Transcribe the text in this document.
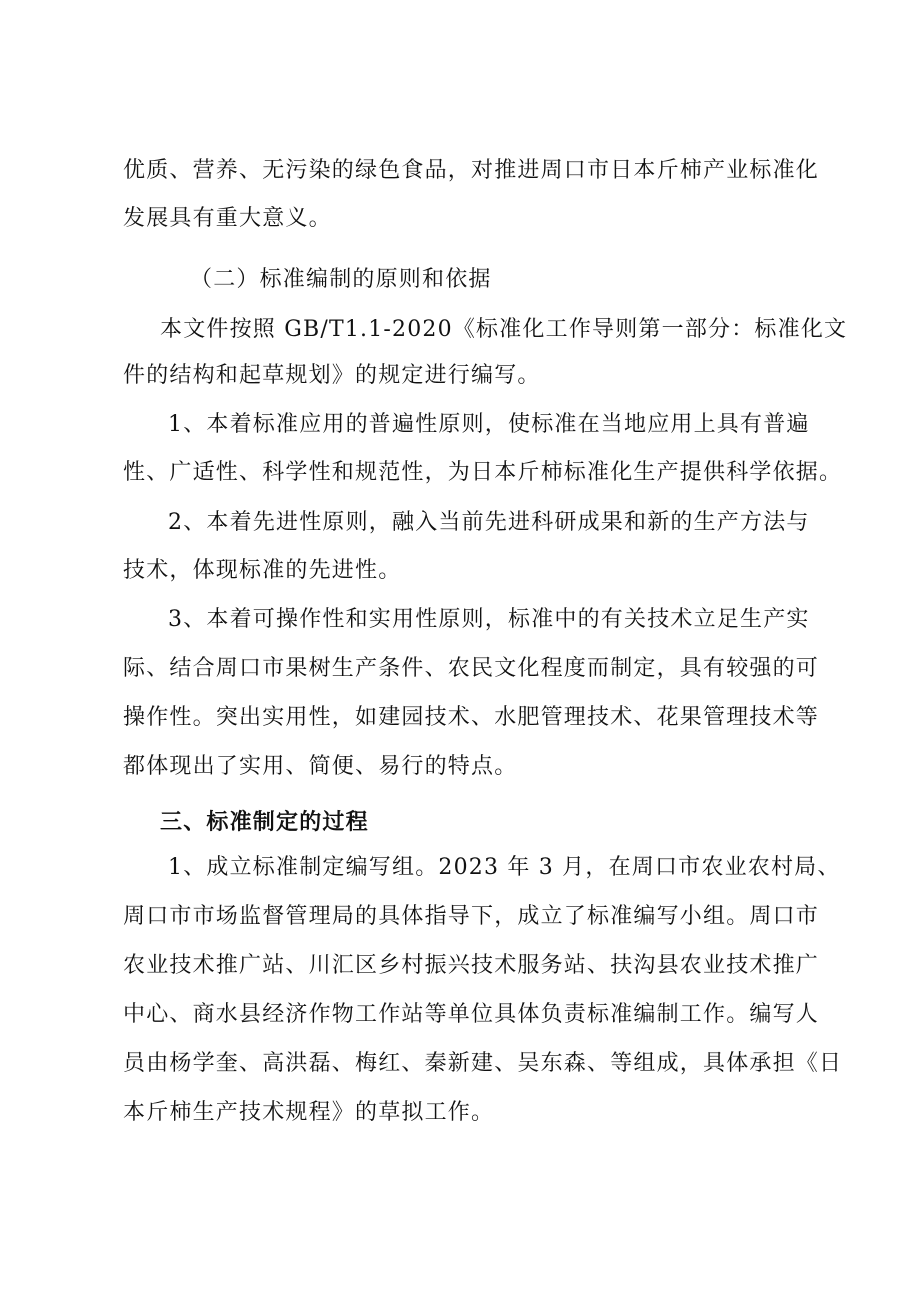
优质、营养、无污染的绿色食品，对推进周口市日本斤柿产业标准化
发展具有重大意义。
（二）标准编制的原则和依据
本文件按照 GB/T1.1-2020《标准化工作导则第一部分：标准化文
件的结构和起草规划》的规定进行编写。
1、本着标准应用的普遍性原则，使标准在当地应用上具有普遍
性、广适性、科学性和规范性，为日本斤柿标准化生产提供科学依据。
2、本着先进性原则，融入当前先进科研成果和新的生产方法与
技术，体现标准的先进性。
3、本着可操作性和实用性原则，标准中的有关技术立足生产实
际、结合周口市果树生产条件、农民文化程度而制定，具有较强的可
操作性。突出实用性，如建园技术、水肥管理技术、花果管理技术等
都体现出了实用、简便、易行的特点。
三、标准制定的过程
1、成立标准制定编写组。2023 年 3 月，在周口市农业农村局、
周口市市场监督管理局的具体指导下，成立了标准编写小组。周口市
农业技术推广站、川汇区乡村振兴技术服务站、扶沟县农业技术推广
中心、商水县经济作物工作站等单位具体负责标准编制工作。编写人
员由杨学奎、高洪磊、梅红、秦新建、吴东森、等组成，具体承担《日
本斤柿生产技术规程》的草拟工作。
